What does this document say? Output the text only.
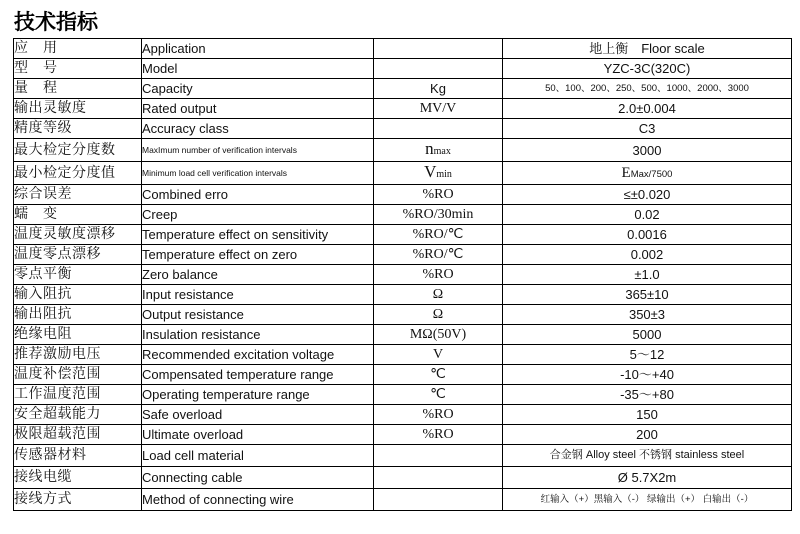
技术指标
应　用	Application		地上衡　Floor scale
型　号	Model		YZC-3C(320C)
量　程	Capacity	Kg	50、100、200、250、500、1000、2000、3000
输出灵敏度	Rated output	MV/V	2.0±0.004
精度等级	Accuracy class		C3
最大检定分度数	MaxImum number of verification intervals	nmax	3000
最小检定分度值	Minimum load cell verification intervals	Vmin	EMax/7500
综合误差	Combined erro	%RO	≤±0.020
蠕　变	Creep	%RO/30min	0.02
温度灵敏度漂移	Temperature effect on sensitivity	%RO/℃	0.0016
温度零点漂移	Temperature effect on zero	%RO/℃	0.002
零点平衡	Zero balance	%RO	±1.0
输入阻抗	Input resistance	Ω	365±10
输出阻抗	Output resistance	Ω	350±3
绝缘电阻	Insulation resistance	MΩ(50V)	5000
推荐激励电压	Recommended excitation voltage	V	5～12
温度补偿范围	Compensated temperature range	℃	-10～+40
工作温度范围	Operating temperature range	℃	-35～+80
安全超载能力	Safe overload	%RO	150
极限超载范围	Ultimate overload	%RO	200
传感器材料	Load cell material		合金钢 Alloy steel 不锈钢 stainless steel
接线电缆	Connecting cable		Ø 5.7X2m
接线方式	Method of connecting wire		红输入（+）黑输入（-） 绿输出（+） 白输出（-）
